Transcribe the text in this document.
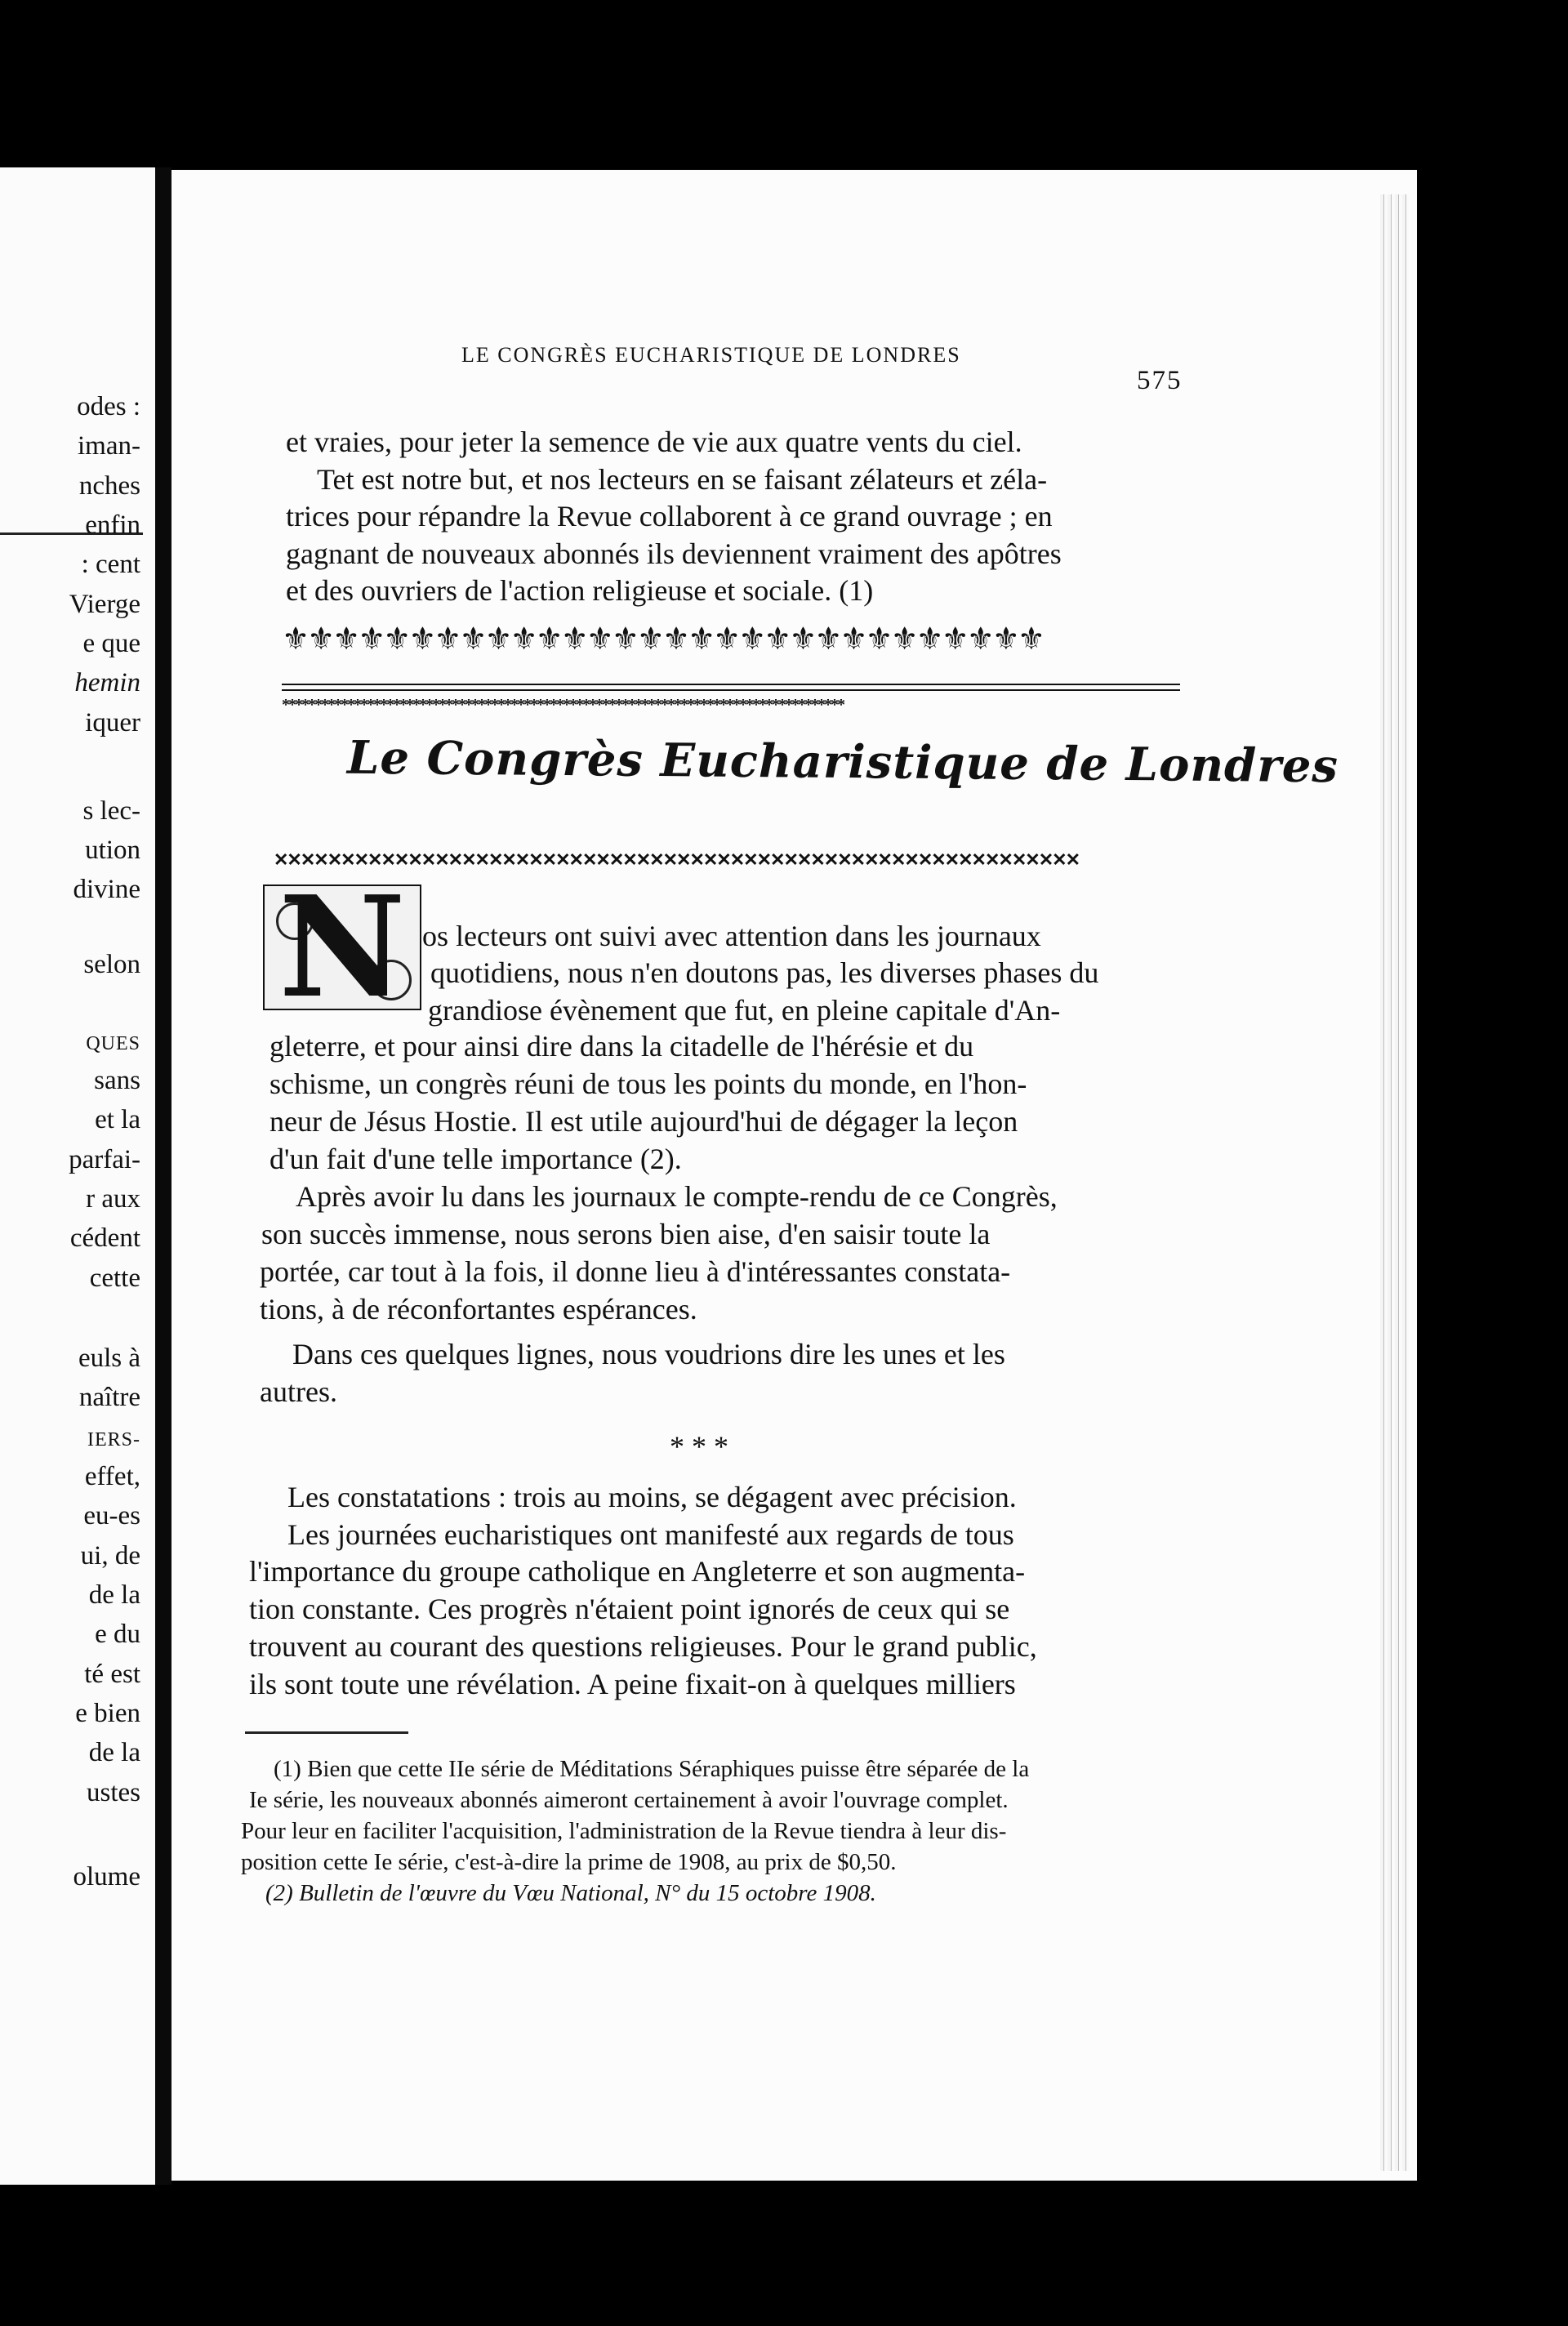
odes :
iman-
nches
enfin
: cent
Vierge
e que
hemin
iquer
s lec-
ution
divine
selon
QUES
sans
et la
parfai-
r aux
cédent
cette
euls à
naître
IERS-
effet,
eu-es
ui, de
de la
e du
té est
e bien
de la
ustes
olume
LE CONGRÈS EUCHARISTIQUE DE LONDRES
575
et vraies, pour jeter la semence de vie aux quatre vents du ciel.
Tet est notre but, et nos lecteurs en se faisant zélateurs et zéla-
trices pour répandre la Revue collaborent à ce grand ouvrage ; en
gagnant de nouveaux abonnés ils deviennent vraiment des apôtres
et des ouvriers de l'action religieuse et sociale. (1)
⚜⚜⚜⚜⚜⚜⚜⚜⚜⚜⚜⚜⚜⚜⚜⚜⚜⚜⚜⚜⚜⚜⚜⚜⚜⚜⚜⚜⚜⚜
**************************************************************************************
Le Congrès Eucharistique de Londres
✕✕✕✕✕✕✕✕✕✕✕✕✕✕✕✕✕✕✕✕✕✕✕✕✕✕✕✕✕✕✕✕✕✕✕✕✕✕✕✕✕✕✕✕✕✕✕✕✕✕✕✕✕✕✕✕✕✕✕✕
N os lecteurs ont suivi avec attention dans les journaux
quotidiens, nous n'en doutons pas, les diverses phases du
grandiose évènement que fut, en pleine capitale d'An-
gleterre, et pour ainsi dire dans la citadelle de l'hérésie et du
schisme, un congrès réuni de tous les points du monde, en l'hon-
neur de Jésus Hostie. Il est utile aujourd'hui de dégager la leçon
d'un fait d'une telle importance (2).
Après avoir lu dans les journaux le compte-rendu de ce Congrès,
son succès immense, nous serons bien aise, d'en saisir toute la
portée, car tout à la fois, il donne lieu à d'intéressantes constata-
tions, à de réconfortantes espérances.
Dans ces quelques lignes, nous voudrions dire les unes et les
autres.
* * *
Les constatations : trois au moins, se dégagent avec précision.
Les journées eucharistiques ont manifesté aux regards de tous
l'importance du groupe catholique en Angleterre et son augmenta-
tion constante. Ces progrès n'étaient point ignorés de ceux qui se
trouvent au courant des questions religieuses. Pour le grand public,
ils sont toute une révélation. A peine fixait-on à quelques milliers
(1) Bien que cette IIe série de Méditations Séraphiques puisse être séparée de la
Ie série, les nouveaux abonnés aimeront certainement à avoir l'ouvrage complet.
Pour leur en faciliter l'acquisition, l'administration de la Revue tiendra à leur dis-
position cette Ie série, c'est-à-dire la prime de 1908, au prix de $0,50.
(2) Bulletin de l'œuvre du Vœu National, N° du 15 octobre 1908.
